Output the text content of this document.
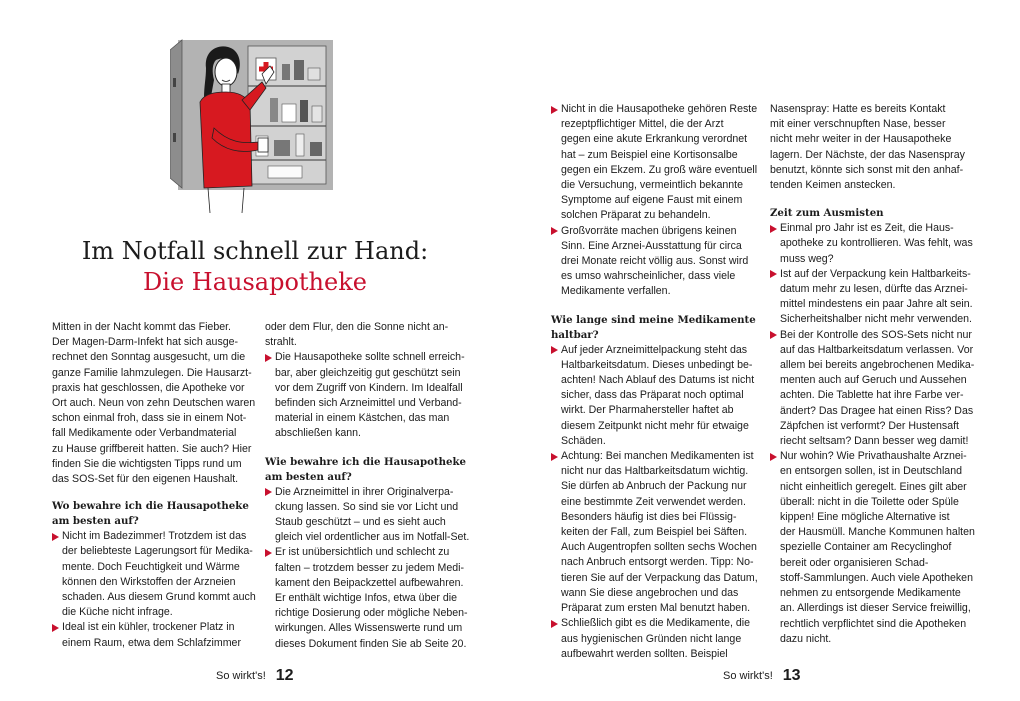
Im Notfall schnell zur Hand:
Die Hausapotheke

Mitten in der Nacht kommt das Fieber.
Der Magen-Darm-Infekt hat sich ausge-
rechnet den Sonntag ausgesucht, um die
ganze Familie lahmzulegen. Die Hausarzt-
praxis hat geschlossen, die Apotheke vor
Ort auch. Neun von zehn Deutschen waren
schon einmal froh, dass sie in einem Not-
fall Medikamente oder Verbandmaterial
zu Hause griffbereit hatten. Sie auch? Hier
finden Sie die wichtigsten Tipps rund um
das SOS-Set für den eigenen Haushalt.

Wo bewahre ich die Hausapotheke
am besten auf?

Nicht im Badezimmer! Trotzdem ist das
der beliebteste Lagerungsort für Medika-
mente. Doch Feuchtigkeit und Wärme
können den Wirkstoffen der Arzneien
schaden. Aus diesem Grund kommt auch
die Küche nicht infrage.

Ideal ist ein kühler, trockener Platz in
einem Raum, etwa dem Schlafzimmer

oder dem Flur, den die Sonne nicht an-
strahlt.

Die Hausapotheke sollte schnell erreich-
bar, aber gleichzeitig gut geschützt sein
vor dem Zugriff von Kindern. Im Idealfall
befinden sich Arzneimittel und Verband-
material in einem Kästchen, das man
abschließen kann.

Wie bewahre ich die Hausapotheke
am besten auf?

Die Arzneimittel in ihrer Originalverpa-
ckung lassen. So sind sie vor Licht und
Staub geschützt – und es sieht auch
gleich viel ordentlicher aus im Notfall-Set.

Er ist unübersichtlich und schlecht zu
falten – trotzdem besser zu jedem Medi-
kament den Beipackzettel aufbewahren.
Er enthält wichtige Infos, etwa über die
richtige Dosierung oder mögliche Neben-
wirkungen. Alles Wissenswerte rund um
dieses Dokument finden Sie ab Seite 20.

So wirkt's! 12

Nicht in die Hausapotheke gehören Reste
rezeptpflichtiger Mittel, die der Arzt
gegen eine akute Erkrankung verordnet
hat – zum Beispiel eine Kortisonsalbe
gegen ein Ekzem. Zu groß wäre eventuell
die Versuchung, vermeintlich bekannte
Symptome auf eigene Faust mit einem
solchen Präparat zu behandeln.

Großvorräte machen übrigens keinen
Sinn. Eine Arznei-Ausstattung für circa
drei Monate reicht völlig aus. Sonst wird
es umso wahrscheinlicher, dass viele
Medikamente verfallen.

Wie lange sind meine Medikamente
haltbar?

Auf jeder Arzneimittelpackung steht das
Haltbarkeitsdatum. Dieses unbedingt be-
achten! Nach Ablauf des Datums ist nicht
sicher, dass das Präparat noch optimal
wirkt. Der Pharmahersteller haftet ab
diesem Zeitpunkt nicht mehr für etwaige
Schäden.

Achtung: Bei manchen Medikamenten ist
nicht nur das Haltbarkeitsdatum wichtig.
Sie dürfen ab Anbruch der Packung nur
eine bestimmte Zeit verwendet werden.
Besonders häufig ist dies bei Flüssig-
keiten der Fall, zum Beispiel bei Säften.
Auch Augentropfen sollten sechs Wochen
nach Anbruch entsorgt werden. Tipp: No-
tieren Sie auf der Verpackung das Datum,
wann Sie diese angebrochen und das
Präparat zum ersten Mal benutzt haben.

Schließlich gibt es die Medikamente, die
aus hygienischen Gründen nicht lange
aufbewahrt werden sollten. Beispiel

Nasenspray: Hatte es bereits Kontakt
mit einer verschnupften Nase, besser
nicht mehr weiter in der Hausapotheke
lagern. Der Nächste, der das Nasenspray
benutzt, könnte sich sonst mit den anhaf-
tenden Keimen anstecken.

Zeit zum Ausmisten

Einmal pro Jahr ist es Zeit, die Haus-
apotheke zu kontrollieren. Was fehlt, was
muss weg?

Ist auf der Verpackung kein Haltbarkeits-
datum mehr zu lesen, dürfte das Arznei-
mittel mindestens ein paar Jahre alt sein.
Sicherheitshalber nicht mehr verwenden.

Bei der Kontrolle des SOS-Sets nicht nur
auf das Haltbarkeitsdatum verlassen. Vor
allem bei bereits angebrochenen Medika-
menten auch auf Geruch und Aussehen
achten. Die Tablette hat ihre Farbe ver-
ändert? Das Dragee hat einen Riss? Das
Zäpfchen ist verformt? Der Hustensaft
riecht seltsam? Dann besser weg damit!

Nur wohin? Wie Privathaushalte Arznei-
en entsorgen sollen, ist in Deutschland
nicht einheitlich geregelt. Eines gilt aber
überall: nicht in die Toilette oder Spüle
kippen! Eine mögliche Alternative ist
der Hausmüll. Manche Kommunen halten
spezielle Container am Recyclinghof
bereit oder organisieren Schad-
stoff-Sammlungen. Auch viele Apotheken
nehmen zu entsorgende Medikamente
an. Allerdings ist dieser Service freiwillig,
rechtlich verpflichtet sind die Apotheken
dazu nicht.

So wirkt's! 13
